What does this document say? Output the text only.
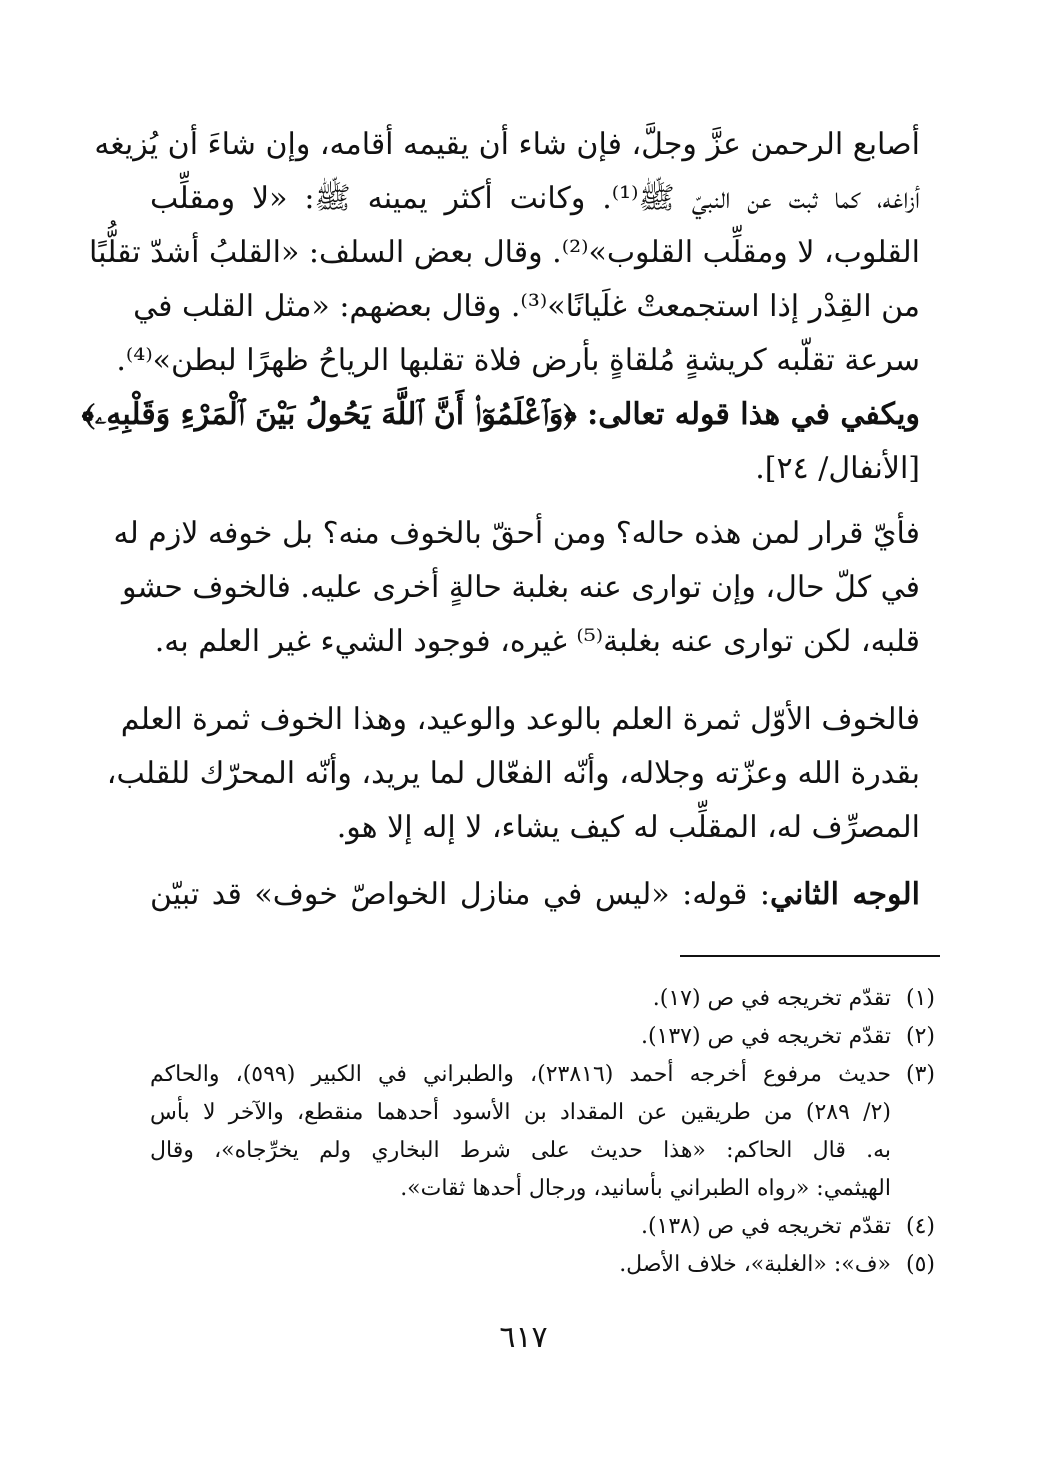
أصابع الرحمن عزَّ وجلَّ، فإن شاء أن يقيمه أقامه، وإن شاءَ أن يُزيغه
أزاغه، كما ثبت عن النبيّ ﷺ⁽¹⁾. وكانت أكثر يمينه ﷺ: «لا ومقلِّب
القلوب، لا ومقلِّب القلوب»⁽²⁾. وقال بعض السلف: «القلبُ أشدّ تقلُّبًا
من القِدْر إذا استجمعتْ غلَيانًا»⁽³⁾. وقال بعضهم: «مثل القلب في
سرعة تقلّبه كريشةٍ مُلقاةٍ بأرض فلاة تقلبها الرياحُ ظهرًا لبطن»⁽⁴⁾.
ويكفي في هذا قوله تعالى: ﴿وَٱعْلَمُوٓا۟ أَنَّ ٱللَّهَ يَحُولُ بَيْنَ ٱلْمَرْءِ وَقَلْبِهِۦ﴾
[الأنفال/ ٢٤].
فأيّ قرار لمن هذه حاله؟ ومن أحقّ بالخوف منه؟ بل خوفه لازم له
في كلّ حال، وإن توارى عنه بغلبة حالةٍ أخرى عليه. فالخوف حشو
قلبه، لكن توارى عنه بغلبة⁽⁵⁾ غيره، فوجود الشيء غير العلم به.
فالخوف الأوّل ثمرة العلم بالوعد والوعيد، وهذا الخوف ثمرة العلم
بقدرة الله وعزّته وجلاله، وأنّه الفعّال لما يريد، وأنّه المحرّك للقلب،
المصرِّف له، المقلِّب له كيف يشاء، لا إله إلا هو.
الوجه الثاني: قوله: «ليس في منازل الخواصّ خوف» قد تبيّن
(١)
تقدّم تخريجه في ص (١٧).
(٢)
تقدّم تخريجه في ص (١٣٧).
(٣)
حديث مرفوع أخرجه أحمد (٢٣٨١٦)، والطبراني في الكبير (٥٩٩)، والحاكم
(٢/ ٢٨٩) من طريقين عن المقداد بن الأسود أحدهما منقطع، والآخر لا بأس
به. قال الحاكم: «هذا حديث على شرط البخاري ولم يخرِّجاه»، وقال
الهيثمي: «رواه الطبراني بأسانيد، ورجال أحدها ثقات».
(٤)
تقدّم تخريجه في ص (١٣٨).
(٥)
«ف»: «الغلبة»، خلاف الأصل.
٦١٧
